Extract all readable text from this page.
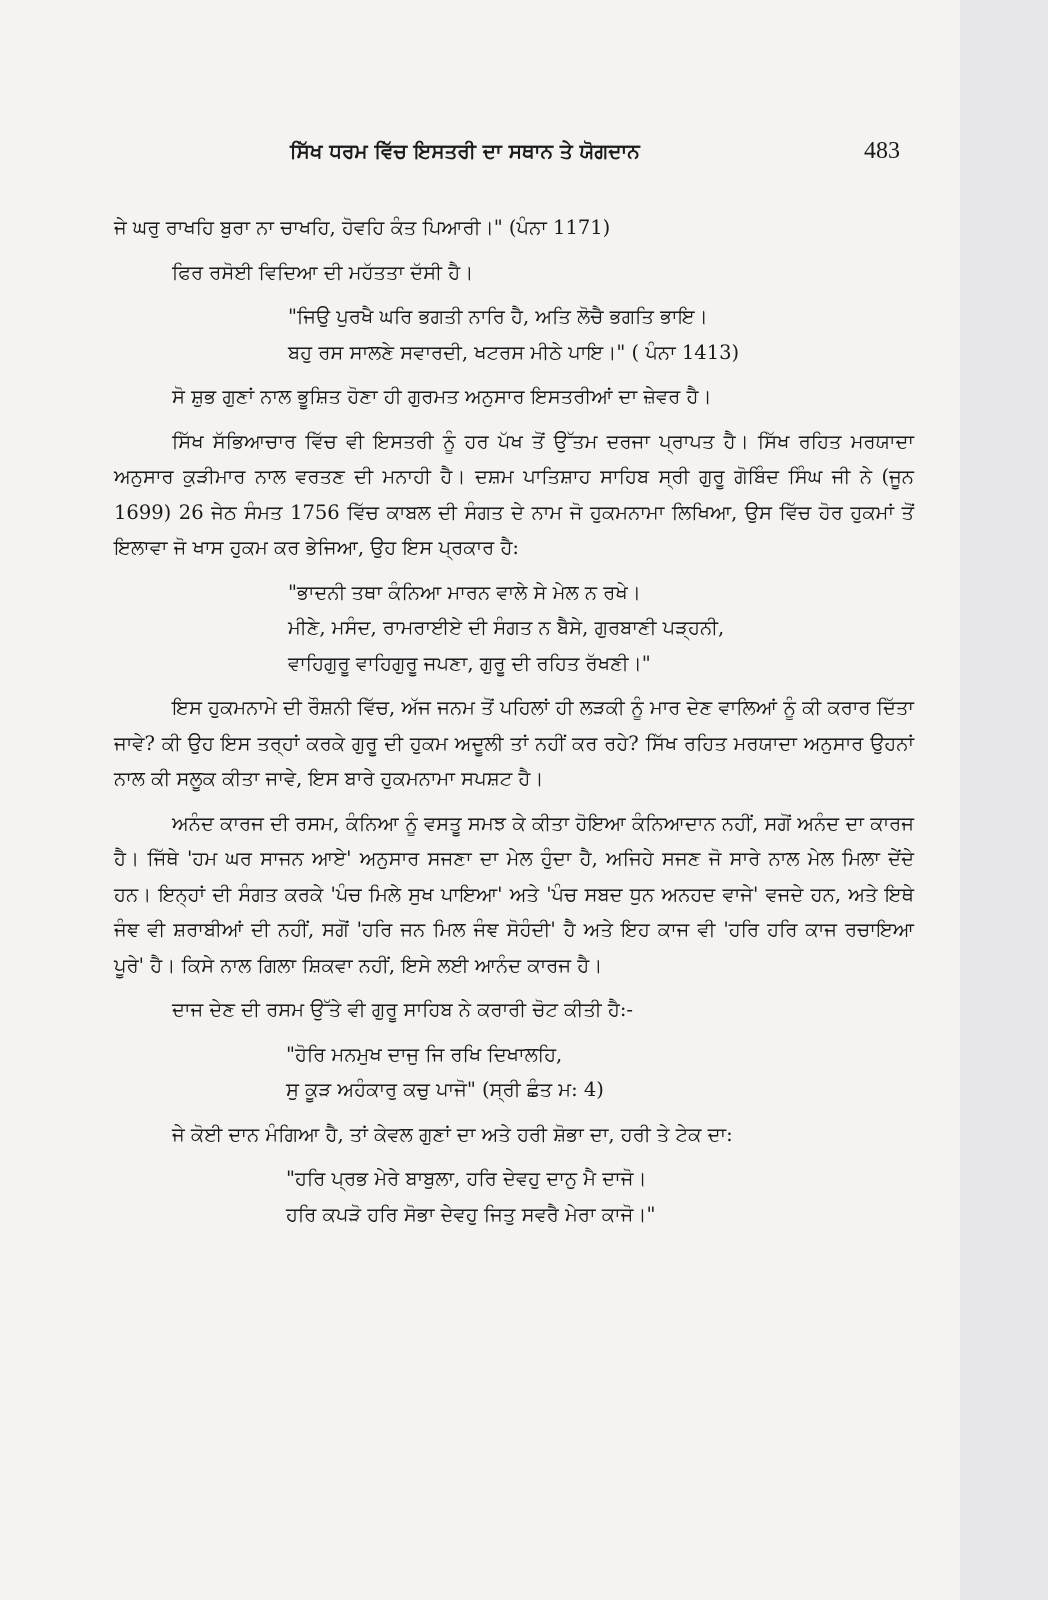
ਸਿੱਖ ਧਰਮ ਵਿੱਚ ਇਸਤਰੀ ਦਾ ਸਥਾਨ ਤੇ ਯੋਗਦਾਨ	483

ਜੇ ਘਰੁ ਰਾਖਹਿ ਬੁਰਾ ਨਾ ਚਾਖਹਿ, ਹੋਵਹਿ ਕੰਤ ਪਿਆਰੀ।" (ਪੰਨਾ 1171)

ਫਿਰ ਰਸੋਈ ਵਿਦਿਆ ਦੀ ਮਹੱਤਤਾ ਦੱਸੀ ਹੈ।

"ਜਿਉ ਪੁਰਖੈ ਘਰਿ ਭਗਤੀ ਨਾਰਿ ਹੈ, ਅਤਿ ਲੋਚੈ ਭਗਤਿ ਭਾਇ।

ਬਹੁ ਰਸ ਸਾਲਣੇ ਸਵਾਰਦੀ, ਖਟਰਸ ਮੀਠੇ ਪਾਇ।" ( ਪੰਨਾ 1413)

ਸੋ ਸ਼ੁਭ ਗੁਣਾਂ ਨਾਲ ਭੂਸ਼ਿਤ ਹੋਣਾ ਹੀ ਗੁਰਮਤ ਅਨੁਸਾਰ ਇਸਤਰੀਆਂ ਦਾ ਜ਼ੇਵਰ ਹੈ।

ਸਿੱਖ ਸੱਭਿਆਚਾਰ ਵਿੱਚ ਵੀ ਇਸਤਰੀ ਨੂੰ ਹਰ ਪੱਖ ਤੋਂ ਉੱਤਮ ਦਰਜਾ ਪ੍ਰਾਪਤ ਹੈ। ਸਿੱਖ ਰਹਿਤ ਮਰਯਾਦਾ ਅਨੁਸਾਰ ਕੁੜੀਮਾਰ ਨਾਲ ਵਰਤਣ ਦੀ ਮਨਾਹੀ ਹੈ। ਦਸ਼ਮ ਪਾਤਿਸ਼ਾਹ ਸਾਹਿਬ ਸ੍ਰੀ ਗੁਰੂ ਗੋਬਿੰਦ ਸਿੰਘ ਜੀ ਨੇ (ਜੂਨ 1699) 26 ਜੇਠ ਸੰਮਤ 1756 ਵਿੱਚ ਕਾਬਲ ਦੀ ਸੰਗਤ ਦੇ ਨਾਮ ਜੋ ਹੁਕਮਨਾਮਾ ਲਿਖਿਆ, ਉਸ ਵਿੱਚ ਹੋਰ ਹੁਕਮਾਂ ਤੋਂ ਇਲਾਵਾ ਜੋ ਖਾਸ ਹੁਕਮ ਕਰ ਭੇਜਿਆ, ਉਹ ਇਸ ਪ੍ਰਕਾਰ ਹੈ:

"ਭਾਦਨੀ ਤਥਾ ਕੰਨਿਆ ਮਾਰਨ ਵਾਲੇ ਸੇ ਮੇਲ ਨ ਰਖੇ।

ਮੀਣੇ, ਮਸੰਦ, ਰਾਮਰਾਈਏ ਦੀ ਸੰਗਤ ਨ ਬੈਸੇ, ਗੁਰਬਾਣੀ ਪੜ੍ਹਨੀ,

ਵਾਹਿਗੁਰੂ ਵਾਹਿਗੁਰੂ ਜਪਣਾ, ਗੁਰੂ ਦੀ ਰਹਿਤ ਰੱਖਣੀ।"

ਇਸ ਹੁਕਮਨਾਮੇ ਦੀ ਰੌਸ਼ਨੀ ਵਿੱਚ, ਅੱਜ ਜਨਮ ਤੋਂ ਪਹਿਲਾਂ ਹੀ ਲੜਕੀ ਨੂੰ ਮਾਰ ਦੇਣ ਵਾਲਿਆਂ ਨੂੰ ਕੀ ਕਰਾਰ ਦਿੱਤਾ ਜਾਵੇ? ਕੀ ਉਹ ਇਸ ਤਰ੍ਹਾਂ ਕਰਕੇ ਗੁਰੂ ਦੀ ਹੁਕਮ ਅਦੂਲੀ ਤਾਂ ਨਹੀਂ ਕਰ ਰਹੇ? ਸਿੱਖ ਰਹਿਤ ਮਰਯਾਦਾ ਅਨੁਸਾਰ ਉਹਨਾਂ ਨਾਲ ਕੀ ਸਲੂਕ ਕੀਤਾ ਜਾਵੇ, ਇਸ ਬਾਰੇ ਹੁਕਮਨਾਮਾ ਸਪਸ਼ਟ ਹੈ।

ਅਨੰਦ ਕਾਰਜ ਦੀ ਰਸਮ, ਕੰਨਿਆ ਨੂੰ ਵਸਤੂ ਸਮਝ ਕੇ ਕੀਤਾ ਹੋਇਆ ਕੰਨਿਆਦਾਨ ਨਹੀਂ, ਸਗੋਂ ਅਨੰਦ ਦਾ ਕਾਰਜ ਹੈ। ਜਿੱਥੇ 'ਹਮ ਘਰ ਸਾਜਨ ਆਏ' ਅਨੁਸਾਰ ਸਜਣਾ ਦਾ ਮੇਲ ਹੁੰਦਾ ਹੈ, ਅਜਿਹੇ ਸਜਣ ਜੋ ਸਾਰੇ ਨਾਲ ਮੇਲ ਮਿਲਾ ਦੇਂਦੇ ਹਨ। ਇਨ੍ਹਾਂ ਦੀ ਸੰਗਤ ਕਰਕੇ 'ਪੰਚ ਮਿਲੇ ਸੁਖ ਪਾਇਆ' ਅਤੇ 'ਪੰਚ ਸਬਦ ਧੁਨ ਅਨਹਦ ਵਾਜੇ' ਵਜਦੇ ਹਨ, ਅਤੇ ਇਥੇ ਜੰਞ ਵੀ ਸ਼ਰਾਬੀਆਂ ਦੀ ਨਹੀਂ, ਸਗੋਂ 'ਹਰਿ ਜਨ ਮਿਲ ਜੰਞ ਸੋਹੰਦੀ' ਹੈ ਅਤੇ ਇਹ ਕਾਜ ਵੀ 'ਹਰਿ ਹਰਿ ਕਾਜ ਰਚਾਇਆ ਪੂਰੇ' ਹੈ। ਕਿਸੇ ਨਾਲ ਗਿਲਾ ਸ਼ਿਕਵਾ ਨਹੀਂ, ਇਸੇ ਲਈ ਆਨੰਦ ਕਾਰਜ ਹੈ।

ਦਾਜ ਦੇਣ ਦੀ ਰਸਮ ਉੱਤੇ ਵੀ ਗੁਰੂ ਸਾਹਿਬ ਨੇ ਕਰਾਰੀ ਚੋਟ ਕੀਤੀ ਹੈ:-

"ਹੋਰਿ ਮਨਮੁਖ ਦਾਜੁ ਜਿ ਰਖਿ ਦਿਖਾਲਹਿ,

ਸੁ ਕੂੜ ਅਹੰਕਾਰੁ ਕਚੁ ਪਾਜੋ" (ਸ੍ਰੀ ਛੰਤ ਮ: 4)

ਜੇ ਕੋਈ ਦਾਨ ਮੰਗਿਆ ਹੈ, ਤਾਂ ਕੇਵਲ ਗੁਣਾਂ ਦਾ ਅਤੇ ਹਰੀ ਸ਼ੋਭਾ ਦਾ, ਹਰੀ ਤੇ ਟੇਕ ਦਾ:

"ਹਰਿ ਪ੍ਰਭ ਮੇਰੇ ਬਾਬੁਲਾ, ਹਰਿ ਦੇਵਹੁ ਦਾਨੁ ਮੈ ਦਾਜੋ।

ਹਰਿ ਕਪੜੋ ਹਰਿ ਸੋਭਾ ਦੇਵਹੁ ਜਿਤੁ ਸਵਰੈ ਮੇਰਾ ਕਾਜੋ।"
